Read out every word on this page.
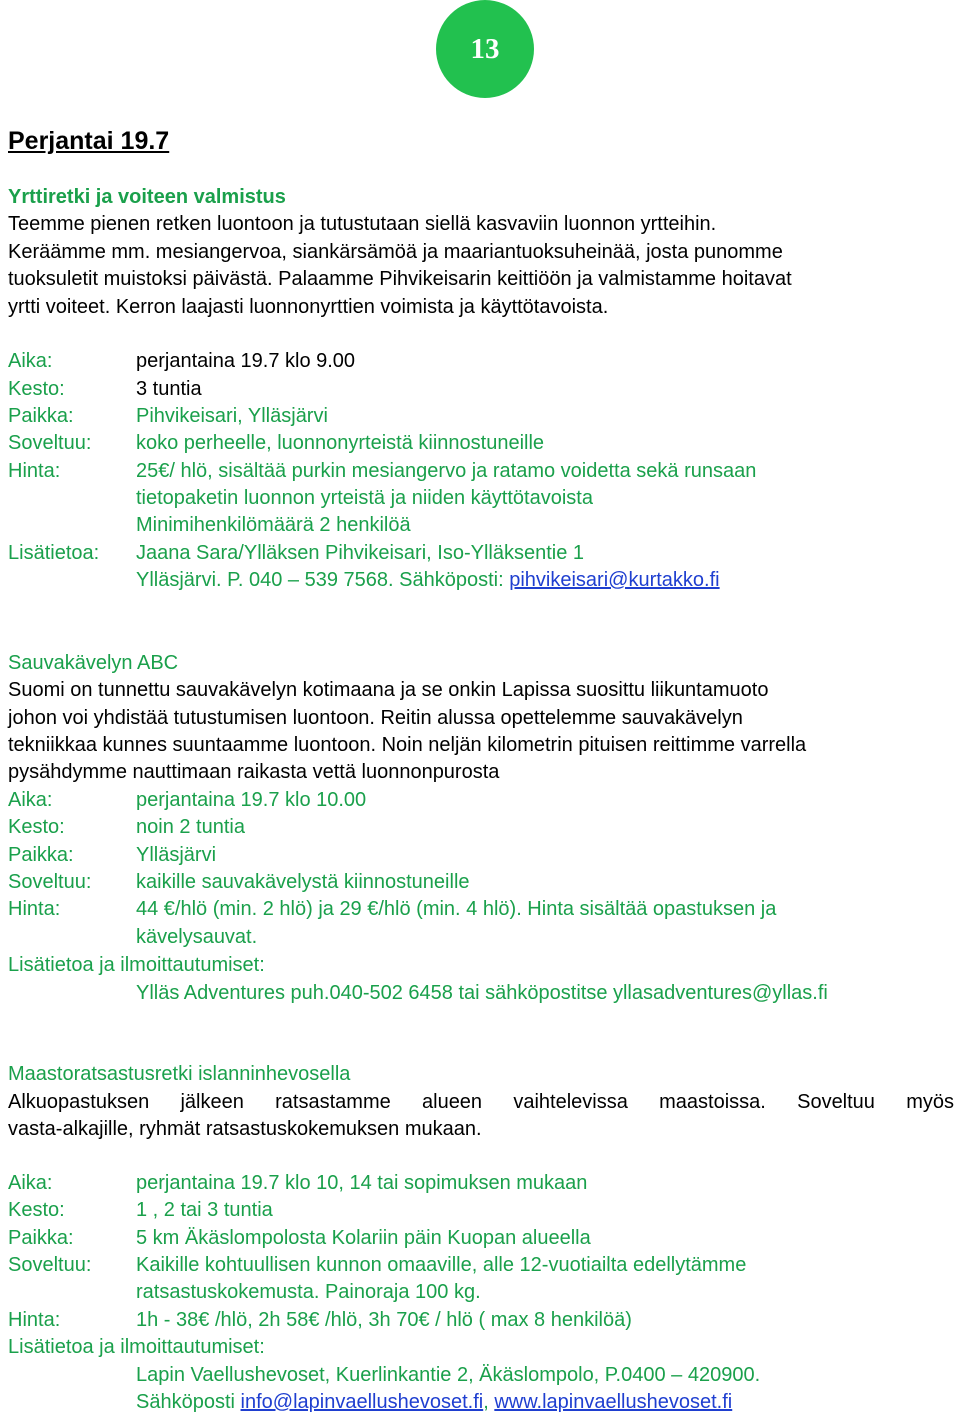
13
Perjantai 19.7
Yrttiretki ja voiteen valmistus
Teemme pienen retken luontoon ja tutustutaan siellä kasvaviin luonnon yrtteihin.
Keräämme mm. mesiangervoa, siankärsämöä ja maariantuoksuheinää, josta punomme
tuoksuletit muistoksi päivästä. Palaamme Pihvikeisarin keittiöön ja valmistamme hoitavat
yrtti voiteet. Kerron laajasti luonnonyrttien voimista ja käyttötavoista.
Aika:	perjantaina 19.7 klo 9.00
Kesto:	3 tuntia
Paikka:	Pihvikeisari, Ylläsjärvi
Soveltuu: koko perheelle, luonnonyrteistä kiinnostuneille
Hinta:	25€/ hlö, sisältää purkin mesiangervo ja ratamo voidetta sekä runsaan
tietopaketin luonnon yrteistä ja niiden käyttötavoista
Minimihenkilömäärä 2 henkilöä
Lisätietoa: Jaana Sara/Ylläksen Pihvikeisari, Iso-Ylläksentie 1
Ylläsjärvi. P. 040 – 539 7568. Sähköposti: pihvikeisari@kurtakko.fi
Sauvakävelyn ABC
Suomi on tunnettu sauvakävelyn kotimaana ja se onkin Lapissa suosittu liikuntamuoto
johon voi yhdistää tutustumisen luontoon. Reitin alussa opettelemme sauvakävelyn
tekniikkaa kunnes suuntaamme luontoon. Noin neljän kilometrin pituisen reittimme varrella
pysähdymme nauttimaan raikasta vettä luonnonpurosta
Aika:	perjantaina 19.7 klo 10.00
Kesto:	noin 2 tuntia
Paikka:	Ylläsjärvi
Soveltuu: kaikille sauvakävelystä kiinnostuneille
Hinta:	44 €/hlö (min. 2 hlö) ja 29 €/hlö (min. 4 hlö). Hinta sisältää opastuksen ja
kävelysauvat.
Lisätietoa ja ilmoittautumiset:
Ylläs Adventures puh.040-502 6458 tai sähköpostitse yllasadventures@yllas.fi
Maastoratsastusretki islanninhevosella
Alkuopastuksen jälkeen ratsastamme alueen vaihtelevissa maastoissa. Soveltuu myös
vasta-alkajille, ryhmät ratsastuskokemuksen mukaan.
Aika:	perjantaina 19.7 klo 10, 14 tai sopimuksen mukaan
Kesto:	1 , 2 tai 3 tuntia
Paikka:	5 km Äkäslompolosta Kolariin päin Kuopan alueella
Soveltuu: Kaikille kohtuullisen kunnon omaaville, alle 12-vuotiailta edellytämme
ratsastuskokemusta. Painoraja 100 kg.
Hinta:	1h - 38€ /hlö, 2h 58€ /hlö, 3h 70€ / hlö ( max 8 henkilöä)
Lisätietoa ja ilmoittautumiset:
Lapin Vaellushevoset, Kuerlinkantie 2, Äkäslompolo, P.0400 – 420900.
Sähköposti info@lapinvaellushevoset.fi, www.lapinvaellushevoset.fi
